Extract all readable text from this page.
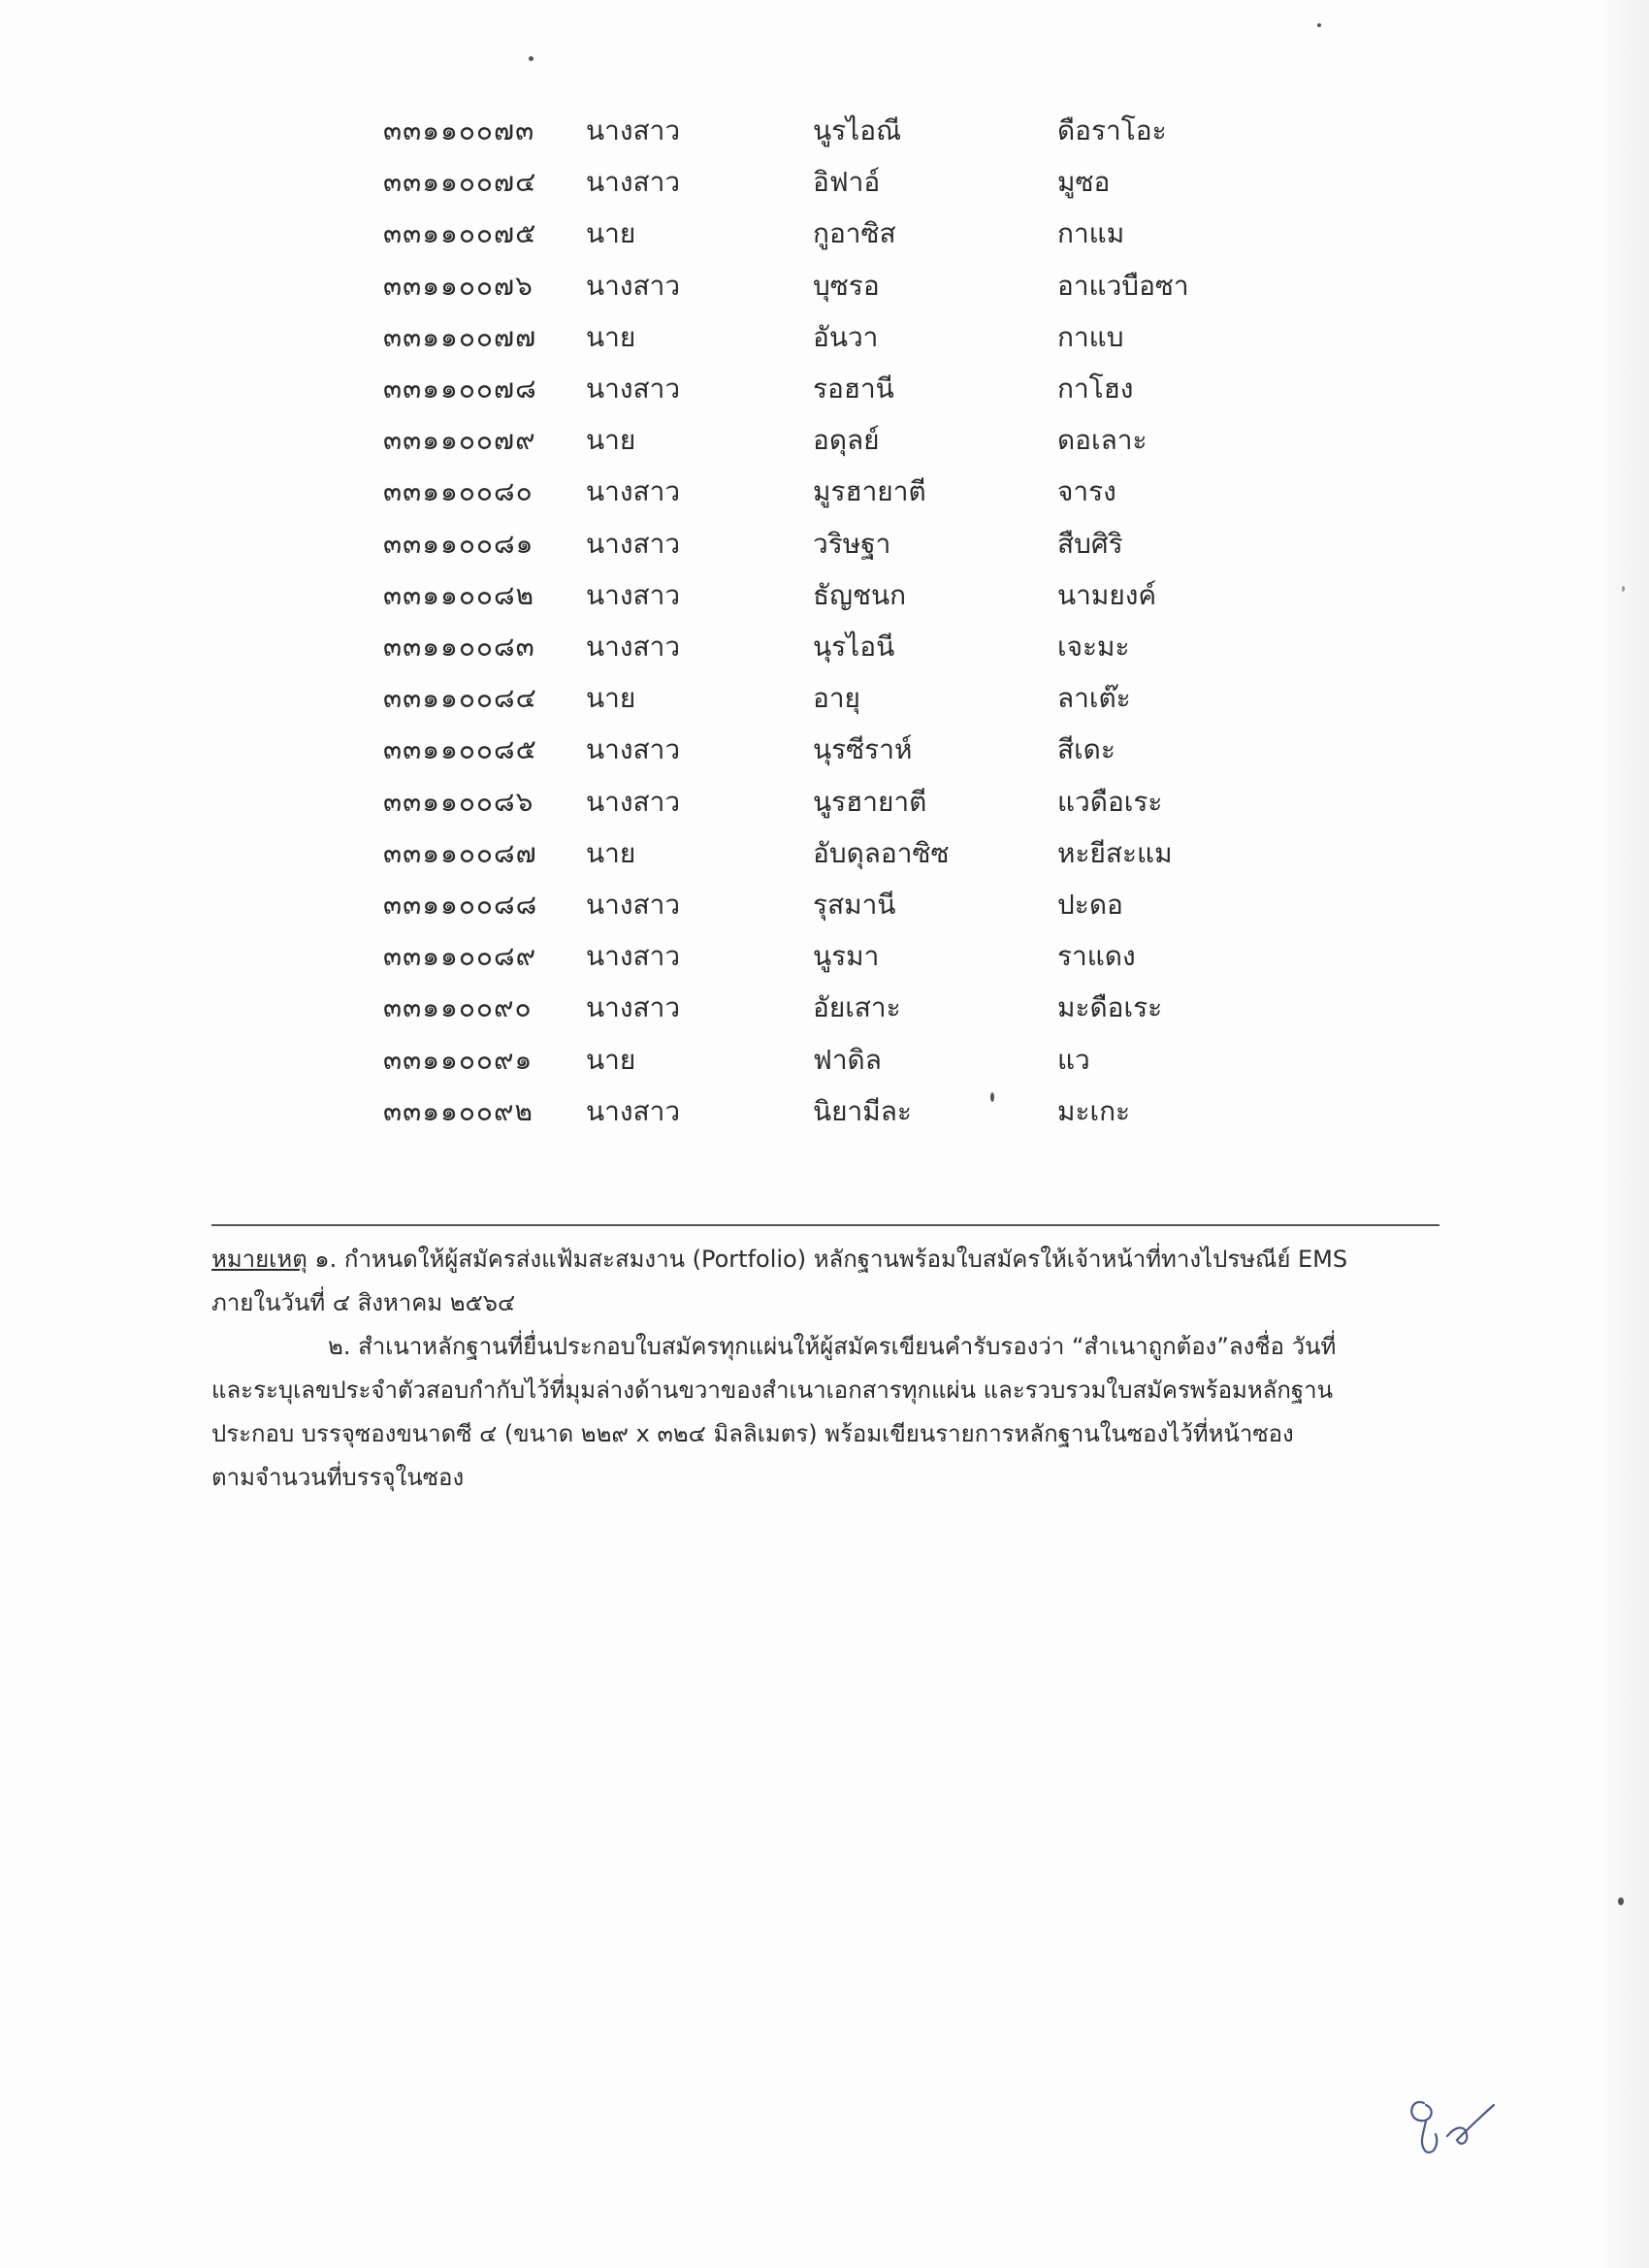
๓๓๑๑๐๐๗๓ นางสาว	นูรไอณี	ดือราโอะ
๓๓๑๑๐๐๗๔ นางสาว	อิฟาอ์	มูซอ
๓๓๑๑๐๐๗๕ นาย	กูอาซิส	กาแม
๓๓๑๑๐๐๗๖ นางสาว	บุซรอ	อาแวบือซา
๓๓๑๑๐๐๗๗ นาย	อันวา	กาแบ
๓๓๑๑๐๐๗๘ นางสาว	รอฮานี	กาโฮง
๓๓๑๑๐๐๗๙ นาย	อดุลย์	ดอเลาะ
๓๓๑๑๐๐๘๐ นางสาว	มูรฮายาตี	จารง
๓๓๑๑๐๐๘๑ นางสาว	วริษฐา	สืบศิริ
๓๓๑๑๐๐๘๒ นางสาว	ธัญชนก	นามยงค์
๓๓๑๑๐๐๘๓ นางสาว	นุรไอนี	เจะมะ
๓๓๑๑๐๐๘๔ นาย	อายุ	ลาเต๊ะ
๓๓๑๑๐๐๘๕ นางสาว	นุรซีราห์	สีเดะ
๓๓๑๑๐๐๘๖ นางสาว	นูรฮายาตี	แวดือเระ
๓๓๑๑๐๐๘๗ นาย	อับดุลอาซิซ	หะยีสะแม
๓๓๑๑๐๐๘๘ นางสาว	รุสมานี	ปะดอ
๓๓๑๑๐๐๘๙ นางสาว	นูรมา	ราแดง
๓๓๑๑๐๐๙๐ นางสาว	อัยเสาะ	มะดือเระ
๓๓๑๑๐๐๙๑ นาย	ฟาดิล	แว
๓๓๑๑๐๐๙๒ นางสาว	นิยามีละ	มะเกะ
หมายเหตุ ๑. กำหนดให้ผู้สมัครส่งแฟ้มสะสมงาน (Portfolio) หลักฐานพร้อมใบสมัครให้เจ้าหน้าที่ทางไปรษณีย์ EMS
ภายในวันที่ ๔ สิงหาคม ๒๕๖๔
๒. สำเนาหลักฐานที่ยื่นประกอบใบสมัครทุกแผ่นให้ผู้สมัครเขียนคำรับรองว่า “สำเนาถูกต้อง”ลงชื่อ วันที่
และระบุเลขประจำตัวสอบกำกับไว้ที่มุมล่างด้านขวาของสำเนาเอกสารทุกแผ่น และรวบรวมใบสมัครพร้อมหลักฐาน
ประกอบ บรรจุซองขนาดซี ๔ (ขนาด ๒๒๙ x ๓๒๔ มิลลิเมตร) พร้อมเขียนรายการหลักฐานในซองไว้ที่หน้าซอง
ตามจำนวนที่บรรจุในซอง
